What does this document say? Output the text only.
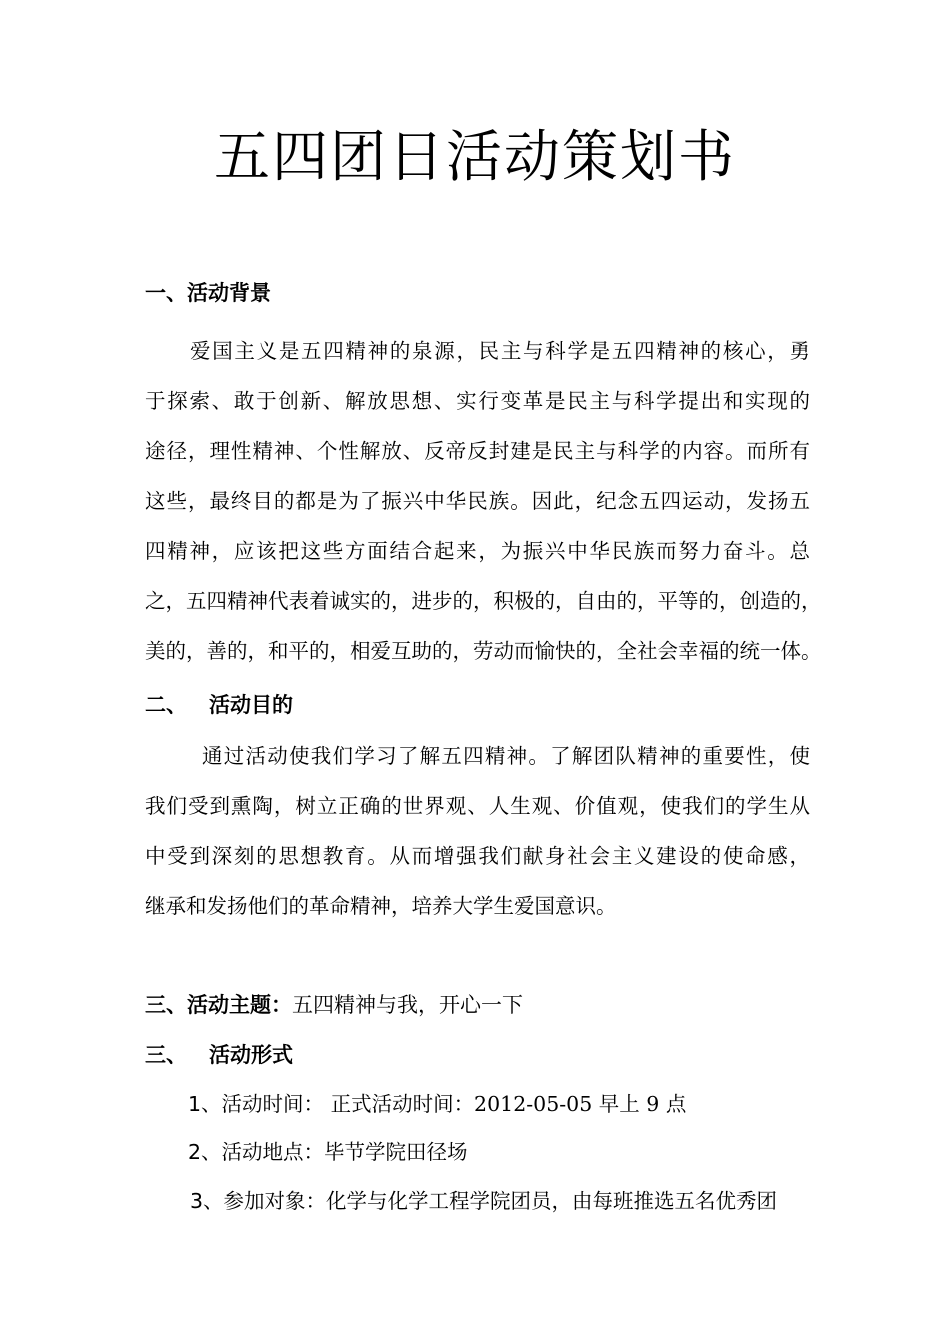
五四团日活动策划书
一、活动背景
爱国主义是五四精神的泉源，民主与科学是五四精神的核心，勇
于探索、敢于创新、解放思想、实行变革是民主与科学提出和实现的
途径，理性精神、个性解放、反帝反封建是民主与科学的内容。而所有
这些，最终目的都是为了振兴中华民族。因此，纪念五四运动，发扬五
四精神，应该把这些方面结合起来，为振兴中华民族而努力奋斗。总
之，五四精神代表着诚实的，进步的，积极的，自由的，平等的，创造的，
美的，善的，和平的，相爱互助的，劳动而愉快的，全社会幸福的统一体。
二、 活动目的
通过活动使我们学习了解五四精神。了解团队精神的重要性，使
我们受到熏陶，树立正确的世界观、人生观、价值观，使我们的学生从
中受到深刻的思想教育。从而增强我们献身社会主义建设的使命感，
继承和发扬他们的革命精神，培养大学生爱国意识。
三、活动主题：五四精神与我，开心一下
三、 活动形式
1、活动时间： 正式活动时间：2012-05-05 早上 9 点
2、活动地点：毕节学院田径场
3、参加对象：化学与化学工程学院团员，由每班推选五名优秀团
